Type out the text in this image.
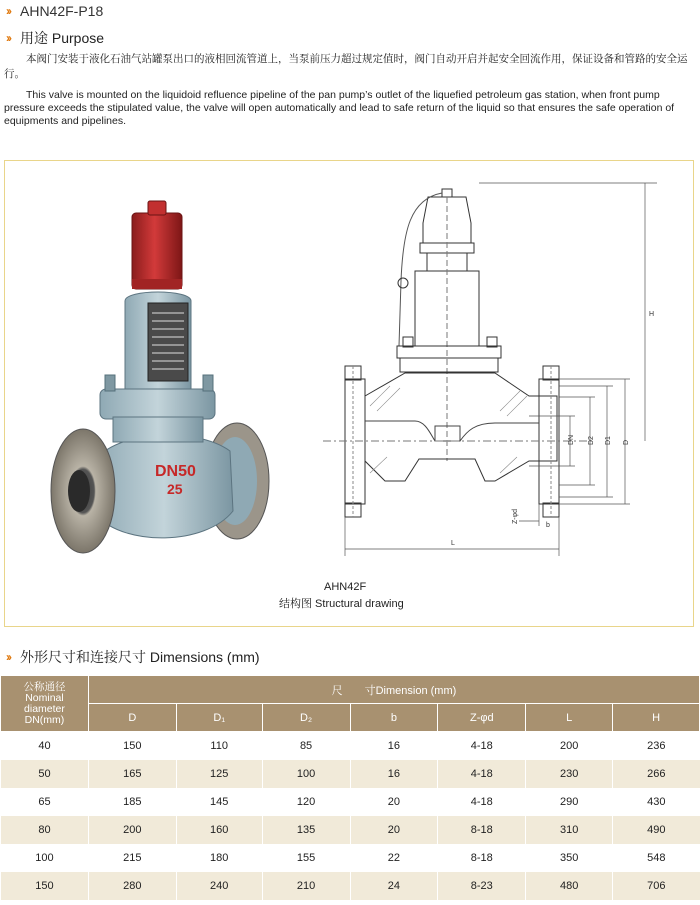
›› AHN42F-P18
›› 用途 Purpose

本阀门安装于液化石油气站罐泵出口的液相回流管道上，当泵前压力超过规定值时，阀门自动开启并起安全回流作用，保证设备和管路的安全运行。

This valve is mounted on the liquidoid refluence pipeline of the pan pump’s outlet of the liquefied petroleum gas station, when front pump pressure exceeds the stipulated value, the valve will open automatically and lead to safe return of the liquid so that ensures the safe operation of equipments and pipelines.

DN50
25
H
DN D2 D1 D
L
b
Z-φd
AHN42F
结构图 Structural drawing
›› 外形尺寸和连接尺寸 Dimensions (mm)
公称通径
Nominal
diameter
DN(mm)	尺　　寸Dimension (mm)						
	D	D₁	D₂	b	Z-φd	L	H
40	150	110	85	16	4-18	200	236
50	165	125	100	16	4-18	230	266
65	185	145	120	20	4-18	290	430
80	200	160	135	20	8-18	310	490
100	215	180	155	22	8-18	350	548
150	280	240	210	24	8-23	480	706
